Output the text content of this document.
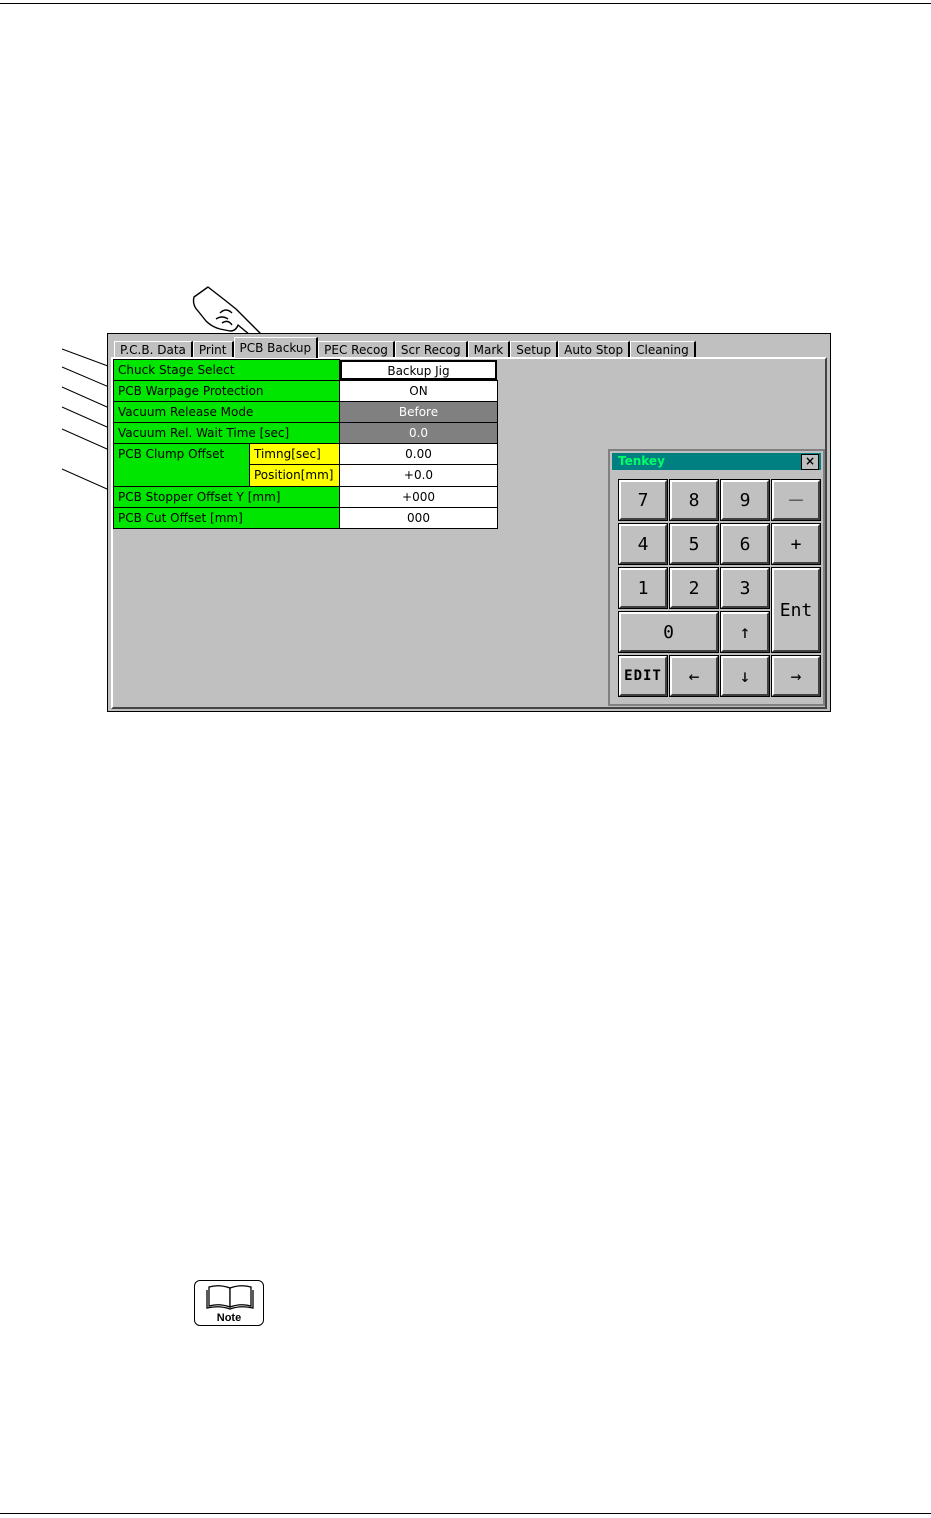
P.C.B. Data	Print	PCB Backup	PEC Recog	Scr Recog	Mark	Setup	Auto Stop	Cleaning
Chuck Stage Select	Backup Jig
PCB Warpage Protection	ON
Vacuum Release Mode	Before
Vacuum Rel. Wait Time [sec]	0.0
PCB Clump Offset	Timng[sec]	0.00
Position[mm]	+0.0
PCB Stopper Offset Y [mm]	+000
PCB Cut Offset [mm]	000
Tenkey	×
7	8	9	－
4	5	6	+
1	2	3
Ent
0	↑
EDIT	←	↓	→
Note
